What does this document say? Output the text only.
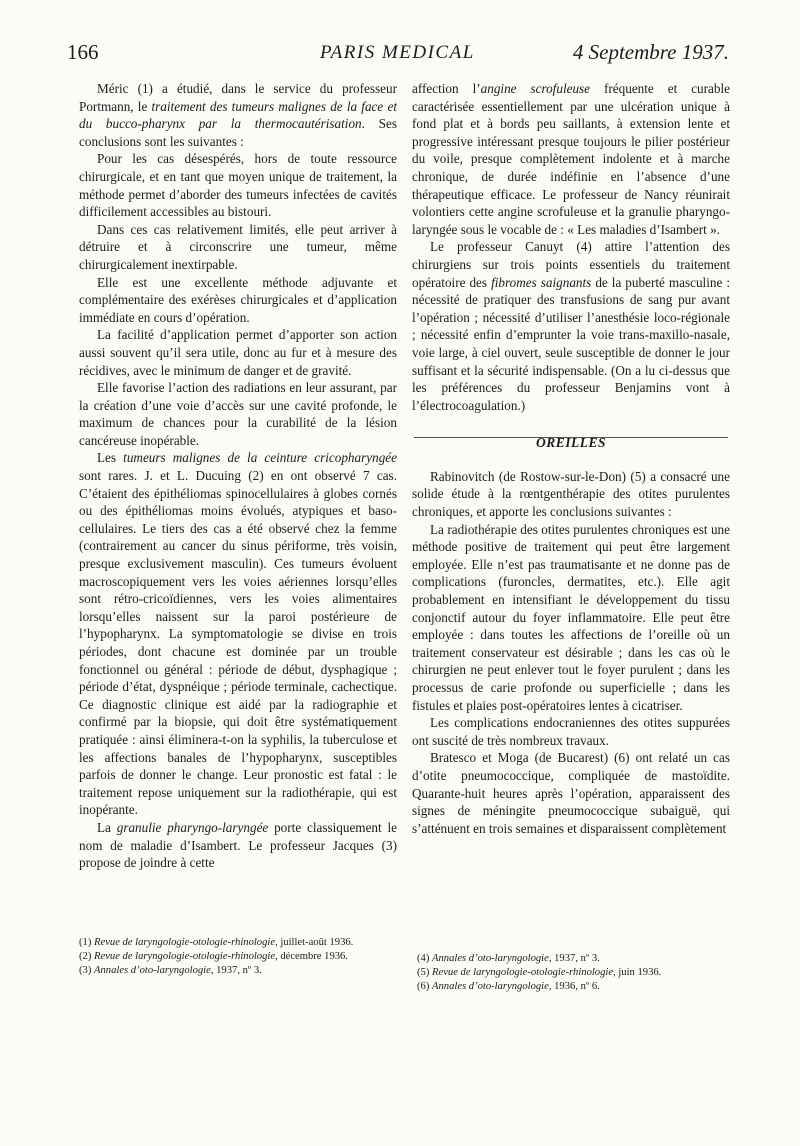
166	PARIS MEDICAL	4 Septembre 1937.

Méric (1) a étudié, dans le service du professeur Portmann, le traitement des tumeurs malignes de la face et du bucco-pharynx par la thermocautérisation. Ses conclusions sont les suivantes :

Pour les cas désespérés, hors de toute ressource chirurgicale, et en tant que moyen unique de traitement, la méthode permet d’aborder des tumeurs infectées de cavités difficilement accessibles au bistouri.

Dans ces cas relativement limités, elle peut arriver à détruire et à circonscrire une tumeur, même chirurgicalement inextirpable.

Elle est une excellente méthode adjuvante et complémentaire des exérèses chirurgicales et d’application immédiate en cours d’opération.

La facilité d’application permet d’apporter son action aussi souvent qu’il sera utile, donc au fur et à mesure des récidives, avec le minimum de danger et de gravité.

Elle favorise l’action des radiations en leur assurant, par la création d’une voie d’accès sur une cavité profonde, le maximum de chances pour la curabilité de la lésion cancéreuse inopérable.

Les tumeurs malignes de la ceinture cricopharyngée sont rares. J. et L. Ducuing (2) en ont observé 7 cas. C’étaient des épithéliomas spinocellulaires à globes cornés ou des épithéliomas moins évolués, atypiques et baso-cellulaires. Le tiers des cas a été observé chez la femme (contrairement au cancer du sinus périforme, très voisin, presque exclusivement masculin). Ces tumeurs évoluent macroscopiquement vers les voies aériennes lorsqu’elles sont rétro-cricoïdiennes, vers les voies alimentaires lorsqu’elles naissent sur la paroi postérieure de l’hypopharynx. La symptomatologie se divise en trois périodes, dont chacune est dominée par un trouble fonctionnel ou général : période de début, dysphagique ; période d’état, dyspnéique ; période terminale, cachectique. Ce diagnostic clinique est aidé par la radiographie et confirmé par la biopsie, qui doit être systématiquement pratiquée : ainsi éliminera-t-on la syphilis, la tuberculose et les affections banales de l’hypopharynx, susceptibles parfois de donner le change. Leur pronostic est fatal : le traitement repose uniquement sur la radiothérapie, qui est inopérante.

La granulie pharyngo-laryngée porte classiquement le nom de maladie d’Isambert. Le professeur Jacques (3) propose de joindre à cette

affection l’angine scrofuleuse fréquente et curable caractérisée essentiellement par une ulcération unique à fond plat et à bords peu saillants, à extension lente et progressive intéressant presque toujours le pilier postérieur du voile, presque complètement indolente et à marche chronique, de durée indéfinie en l’absence d’une thérapeutique efficace. Le professeur de Nancy réunirait volontiers cette angine scrofuleuse et la granulie pharyngo-laryngée sous le vocable de : « Les maladies d’Isambert ».

Le professeur Canuyt (4) attire l’attention des chirurgiens sur trois points essentiels du traitement opératoire des fibromes saignants de la puberté masculine : nécessité de pratiquer des transfusions de sang pur avant l’opération ; nécessité d’utiliser l’anesthésie loco-régionale ; nécessité enfin d’emprunter la voie trans-maxillo-nasale, voie large, à ciel ouvert, seule susceptible de donner le jour suffisant et la sécurité indispensable. (On a lu ci-dessus que les préférences du professeur Benjamins vont à l’électrocoagulation.)

OREILLES

Rabinovitch (de Rostow-sur-le-Don) (5) a consacré une solide étude à la rœntgenthérapie des otites purulentes chroniques, et apporte les conclusions suivantes :

La radiothérapie des otites purulentes chroniques est une méthode positive de traitement qui peut être largement employée. Elle n’est pas traumatisante et ne donne pas de complications (furoncles, dermatites, etc.). Elle agit probablement en intensifiant le développement du tissu conjonctif autour du foyer inflammatoire. Elle peut être employée : dans toutes les affections de l’oreille où un traitement conservateur est désirable ; dans les cas où le chirurgien ne peut enlever tout le foyer purulent ; dans les processus de carie profonde ou superficielle ; dans les fistules et plaies post-opératoires lentes à cicatriser.

Les complications endocraniennes des otites suppurées ont suscité de très nombreux travaux.

Bratesco et Moga (de Bucarest) (6) ont relaté un cas d’otite pneumococcique, compliquée de mastoïdite. Quarante-huit heures après l’opération, apparaissent des signes de méningite pneumococcique subaiguë, qui s’atténuent en trois semaines et disparaissent complètement

(1) Revue de laryngologie-otologie-rhinologie, juillet-août 1936.

(2) Revue de laryngologie-otologie-rhinologie, décembre 1936.

(3) Annales d’oto-laryngologie, 1937, nº 3.

(4) Annales d’oto-laryngologie, 1937, nº 3.

(5) Revue de laryngologie-otologie-rhinologie, juin 1936.

(6) Annales d’oto-laryngologie, 1936, nº 6.
